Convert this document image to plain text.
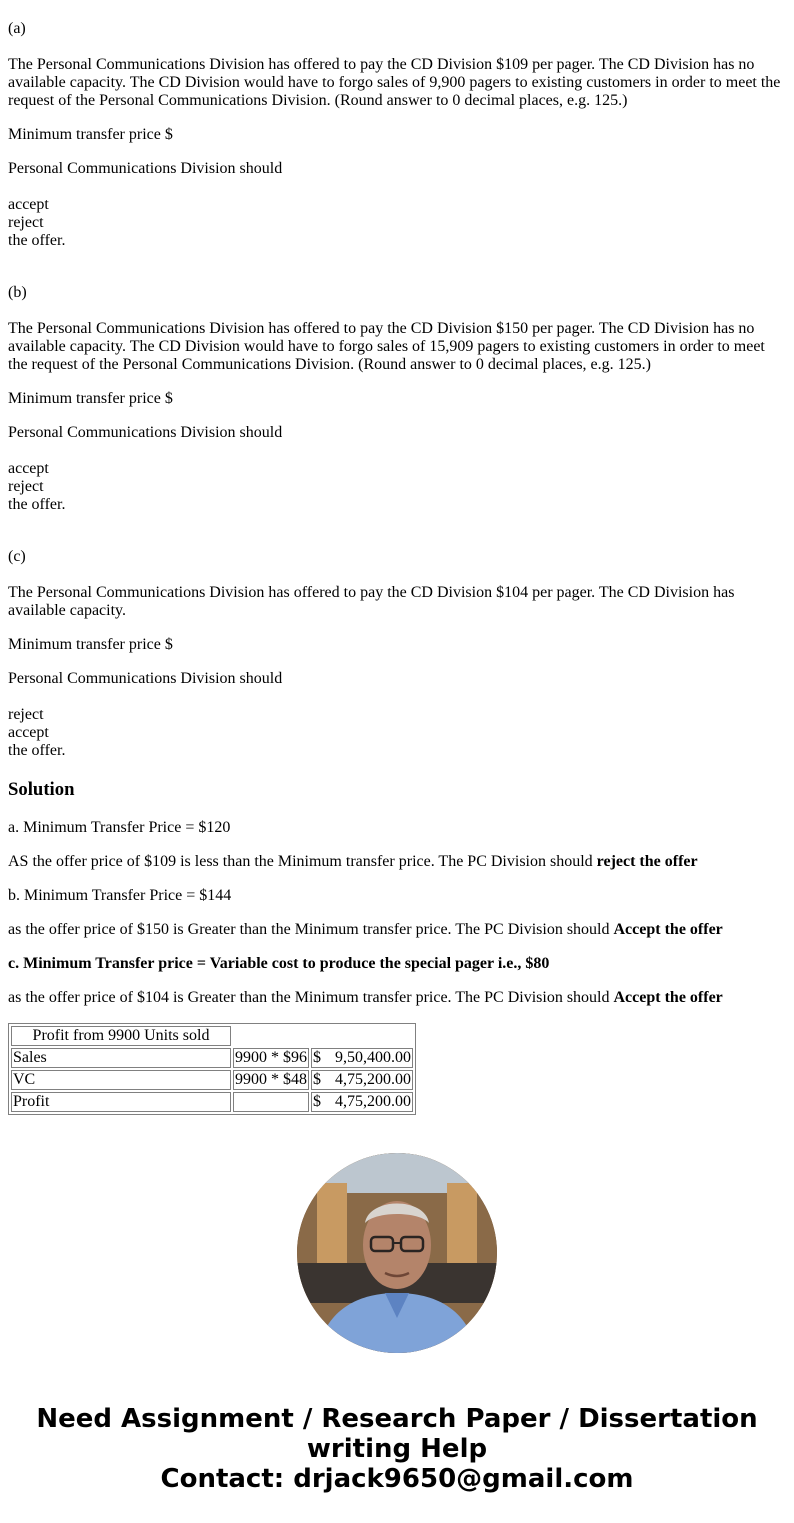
(a)
The Personal Communications Division has offered to pay the CD Division $109 per pager. The CD Division has no available capacity. The CD Division would have to forgo sales of 9,900 pagers to existing customers in order to meet the request of the Personal Communications Division. (Round answer to 0 decimal places, e.g. 125.)
Minimum transfer price $
Personal Communications Division should
accept
reject
the offer.
(b)
The Personal Communications Division has offered to pay the CD Division $150 per pager. The CD Division has no available capacity. The CD Division would have to forgo sales of 15,909 pagers to existing customers in order to meet the request of the Personal Communications Division. (Round answer to 0 decimal places, e.g. 125.)
Minimum transfer price $
Personal Communications Division should
accept
reject
the offer.
(c)
The Personal Communications Division has offered to pay the CD Division $104 per pager. The CD Division has available capacity.
Minimum transfer price $
Personal Communications Division should
reject
accept
the offer.
Solution
a. Minimum Transfer Price = $120
AS the offer price of $109 is less than the Minimum transfer price. The PC Division should reject the offer
b. Minimum Transfer Price = $144
as the offer price of $150 is Greater than the Minimum transfer price. The PC Division should Accept the offer
c. Minimum Transfer price = Variable cost to produce the special pager i.e., $80
as the offer price of $104 is Greater than the Minimum transfer price. The PC Division should Accept the offer
Profit from 9900 Units sold		
Sales	9900 * $96	$ 9,50,400.00

VC	9900 * $48	$ 4,75,200.00

Profit		$ 4,75,200.00
Need Assignment / Research Paper / Dissertation
writing Help
Contact: drjack9650@gmail.com
